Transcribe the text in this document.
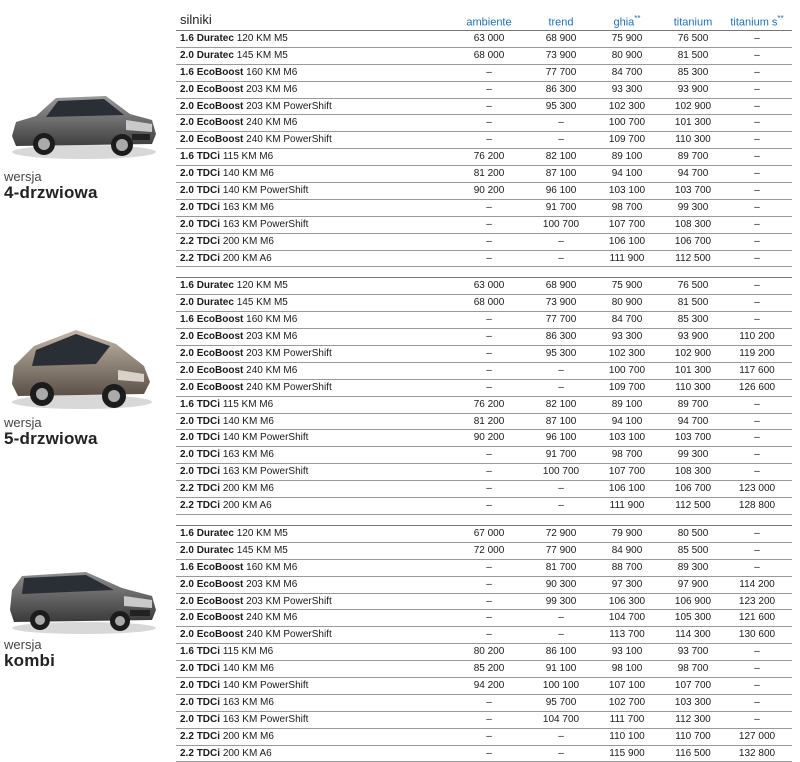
wersja
4-drzwiowa
wersja
5-drzwiowa
wersja
kombi
silniki	ambiente	trend	ghia**	titanium	titanium s**
1.6 Duratec 120 KM M5	63 000	68 900	75 900	76 500	–
2.0 Duratec 145 KM M5	68 000	73 900	80 900	81 500	–
1.6 EcoBoost 160 KM M6	–	77 700	84 700	85 300	–
2.0 EcoBoost 203 KM M6	–	86 300	93 300	93 900	–
2.0 EcoBoost 203 KM PowerShift	–	95 300	102 300	102 900	–
2.0 EcoBoost 240 KM M6	–	–	100 700	101 300	–
2.0 EcoBoost 240 KM PowerShift	–	–	109 700	110 300	–
1.6 TDCi 115 KM M6	76 200	82 100	89 100	89 700	–
2.0 TDCi 140 KM M6	81 200	87 100	94 100	94 700	–
2.0 TDCi 140 KM PowerShift	90 200	96 100	103 100	103 700	–
2.0 TDCi 163 KM M6	–	91 700	98 700	99 300	–
2.0 TDCi 163 KM PowerShift	–	100 700	107 700	108 300	–
2.2 TDCi 200 KM M6	–	–	106 100	106 700	–
2.2 TDCi 200 KM A6	–	–	111 900	112 500	–
1.6 Duratec 120 KM M5	63 000	68 900	75 900	76 500	–
2.0 Duratec 145 KM M5	68 000	73 900	80 900	81 500	–
1.6 EcoBoost 160 KM M6	–	77 700	84 700	85 300	–
2.0 EcoBoost 203 KM M6	–	86 300	93 300	93 900	110 200
2.0 EcoBoost 203 KM PowerShift	–	95 300	102 300	102 900	119 200
2.0 EcoBoost 240 KM M6	–	–	100 700	101 300	117 600
2.0 EcoBoost 240 KM PowerShift	–	–	109 700	110 300	126 600
1.6 TDCi 115 KM M6	76 200	82 100	89 100	89 700	–
2.0 TDCi 140 KM M6	81 200	87 100	94 100	94 700	–
2.0 TDCi 140 KM PowerShift	90 200	96 100	103 100	103 700	–
2.0 TDCi 163 KM M6	–	91 700	98 700	99 300	–
2.0 TDCi 163 KM PowerShift	–	100 700	107 700	108 300	–
2.2 TDCi 200 KM M6	–	–	106 100	106 700	123 000
2.2 TDCi 200 KM A6	–	–	111 900	112 500	128 800
1.6 Duratec 120 KM M5	67 000	72 900	79 900	80 500	–
2.0 Duratec 145 KM M5	72 000	77 900	84 900	85 500	–
1.6 EcoBoost 160 KM M6	–	81 700	88 700	89 300	–
2.0 EcoBoost 203 KM M6	–	90 300	97 300	97 900	114 200
2.0 EcoBoost 203 KM PowerShift	–	99 300	106 300	106 900	123 200
2.0 EcoBoost 240 KM M6	–	–	104 700	105 300	121 600
2.0 EcoBoost 240 KM PowerShift	–	–	113 700	114 300	130 600
1.6 TDCi 115 KM M6	80 200	86 100	93 100	93 700	–
2.0 TDCi 140 KM M6	85 200	91 100	98 100	98 700	–
2.0 TDCi 140 KM PowerShift	94 200	100 100	107 100	107 700	–
2.0 TDCi 163 KM M6	–	95 700	102 700	103 300	–
2.0 TDCi 163 KM PowerShift	–	104 700	111 700	112 300	–
2.2 TDCi 200 KM M6	–	–	110 100	110 700	127 000
2.2 TDCi 200 KM A6	–	–	115 900	116 500	132 800
